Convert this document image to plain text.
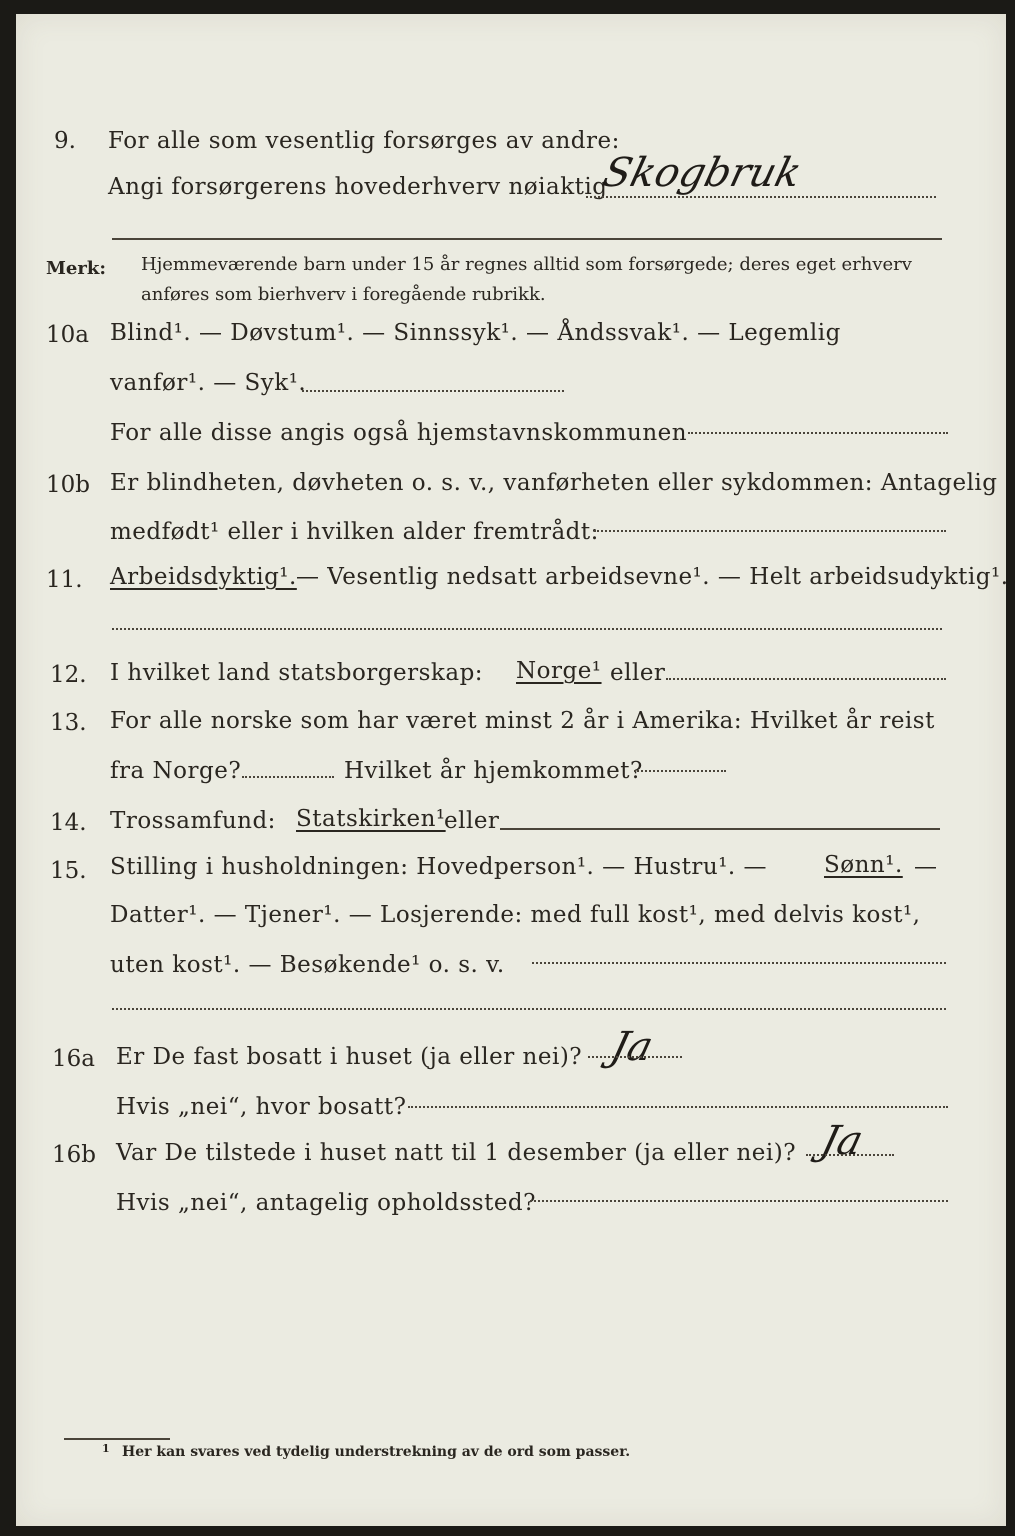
9. For alle som vesentlig forsørges av andre:
Angi forsørgerens hovederhverv nøiaktig
Skogbruk
Merk: Hjemmeværende barn under 15 år regnes alltid som forsørgede; deres eget erhverv
anføres som bierhverv i foregående rubrikk.
10a Blind¹. — Døvstum¹. — Sinnssyk¹. — Åndssvak¹. — Legemlig
vanfør¹. — Syk¹.
For alle disse angis også hjemstavnskommunen
10b Er blindheten, døvheten o. s. v., vanførheten eller sykdommen: Antagelig
medfødt¹ eller i hvilken alder fremtrådt:
11. Arbeidsdyktig¹. — Vesentlig nedsatt arbeidsevne¹. — Helt arbeidsudyktig¹.
12. I hvilket land statsborgerskap: Norge¹ eller
13. For alle norske som har været minst 2 år i Amerika: Hvilket år reist
fra Norge?	Hvilket år hjemkommet?
14. Trossamfund: Statskirken¹
eller
15. Stilling i husholdningen: Hovedperson¹. — Hustru¹. — Sønn¹. —
Datter¹. — Tjener¹. — Losjerende: med full kost¹, med delvis kost¹,
uten kost¹. — Besøkende¹ o. s. v.
16a Er De fast bosatt i huset (ja eller nei)? Ja
Hvis „nei“, hvor bosatt?
16b Var De tilstede i huset natt til 1 desember (ja eller nei)? Ja
Hvis „nei“, antagelig opholdssted?
1 Her kan svares ved tydelig understrekning av de ord som passer.
